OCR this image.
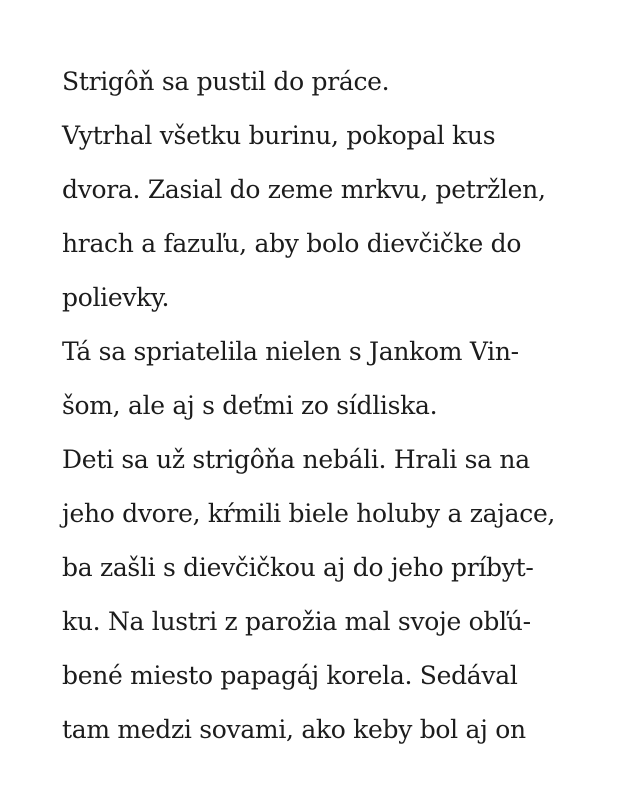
Strigôň sa pustil do práce.
Vytrhal všetku burinu, pokopal kus
dvora. Zasial do zeme mrkvu, petržlen,
hrach a fazuľu, aby bolo dievčičke do
polievky.
Tá sa spriatelila nielen s Jankom Vin-
šom, ale aj s deťmi zo sídliska.
Deti sa už strigôňa nebáli. Hrali sa na
jeho dvore, kŕmili biele holuby a zajace,
ba zašli s dievčičkou aj do jeho príbyt-
ku. Na lustri z parožia mal svoje obľú-
bené miesto papagáj korela. Sedával
tam medzi sovami, ako keby bol aj on
